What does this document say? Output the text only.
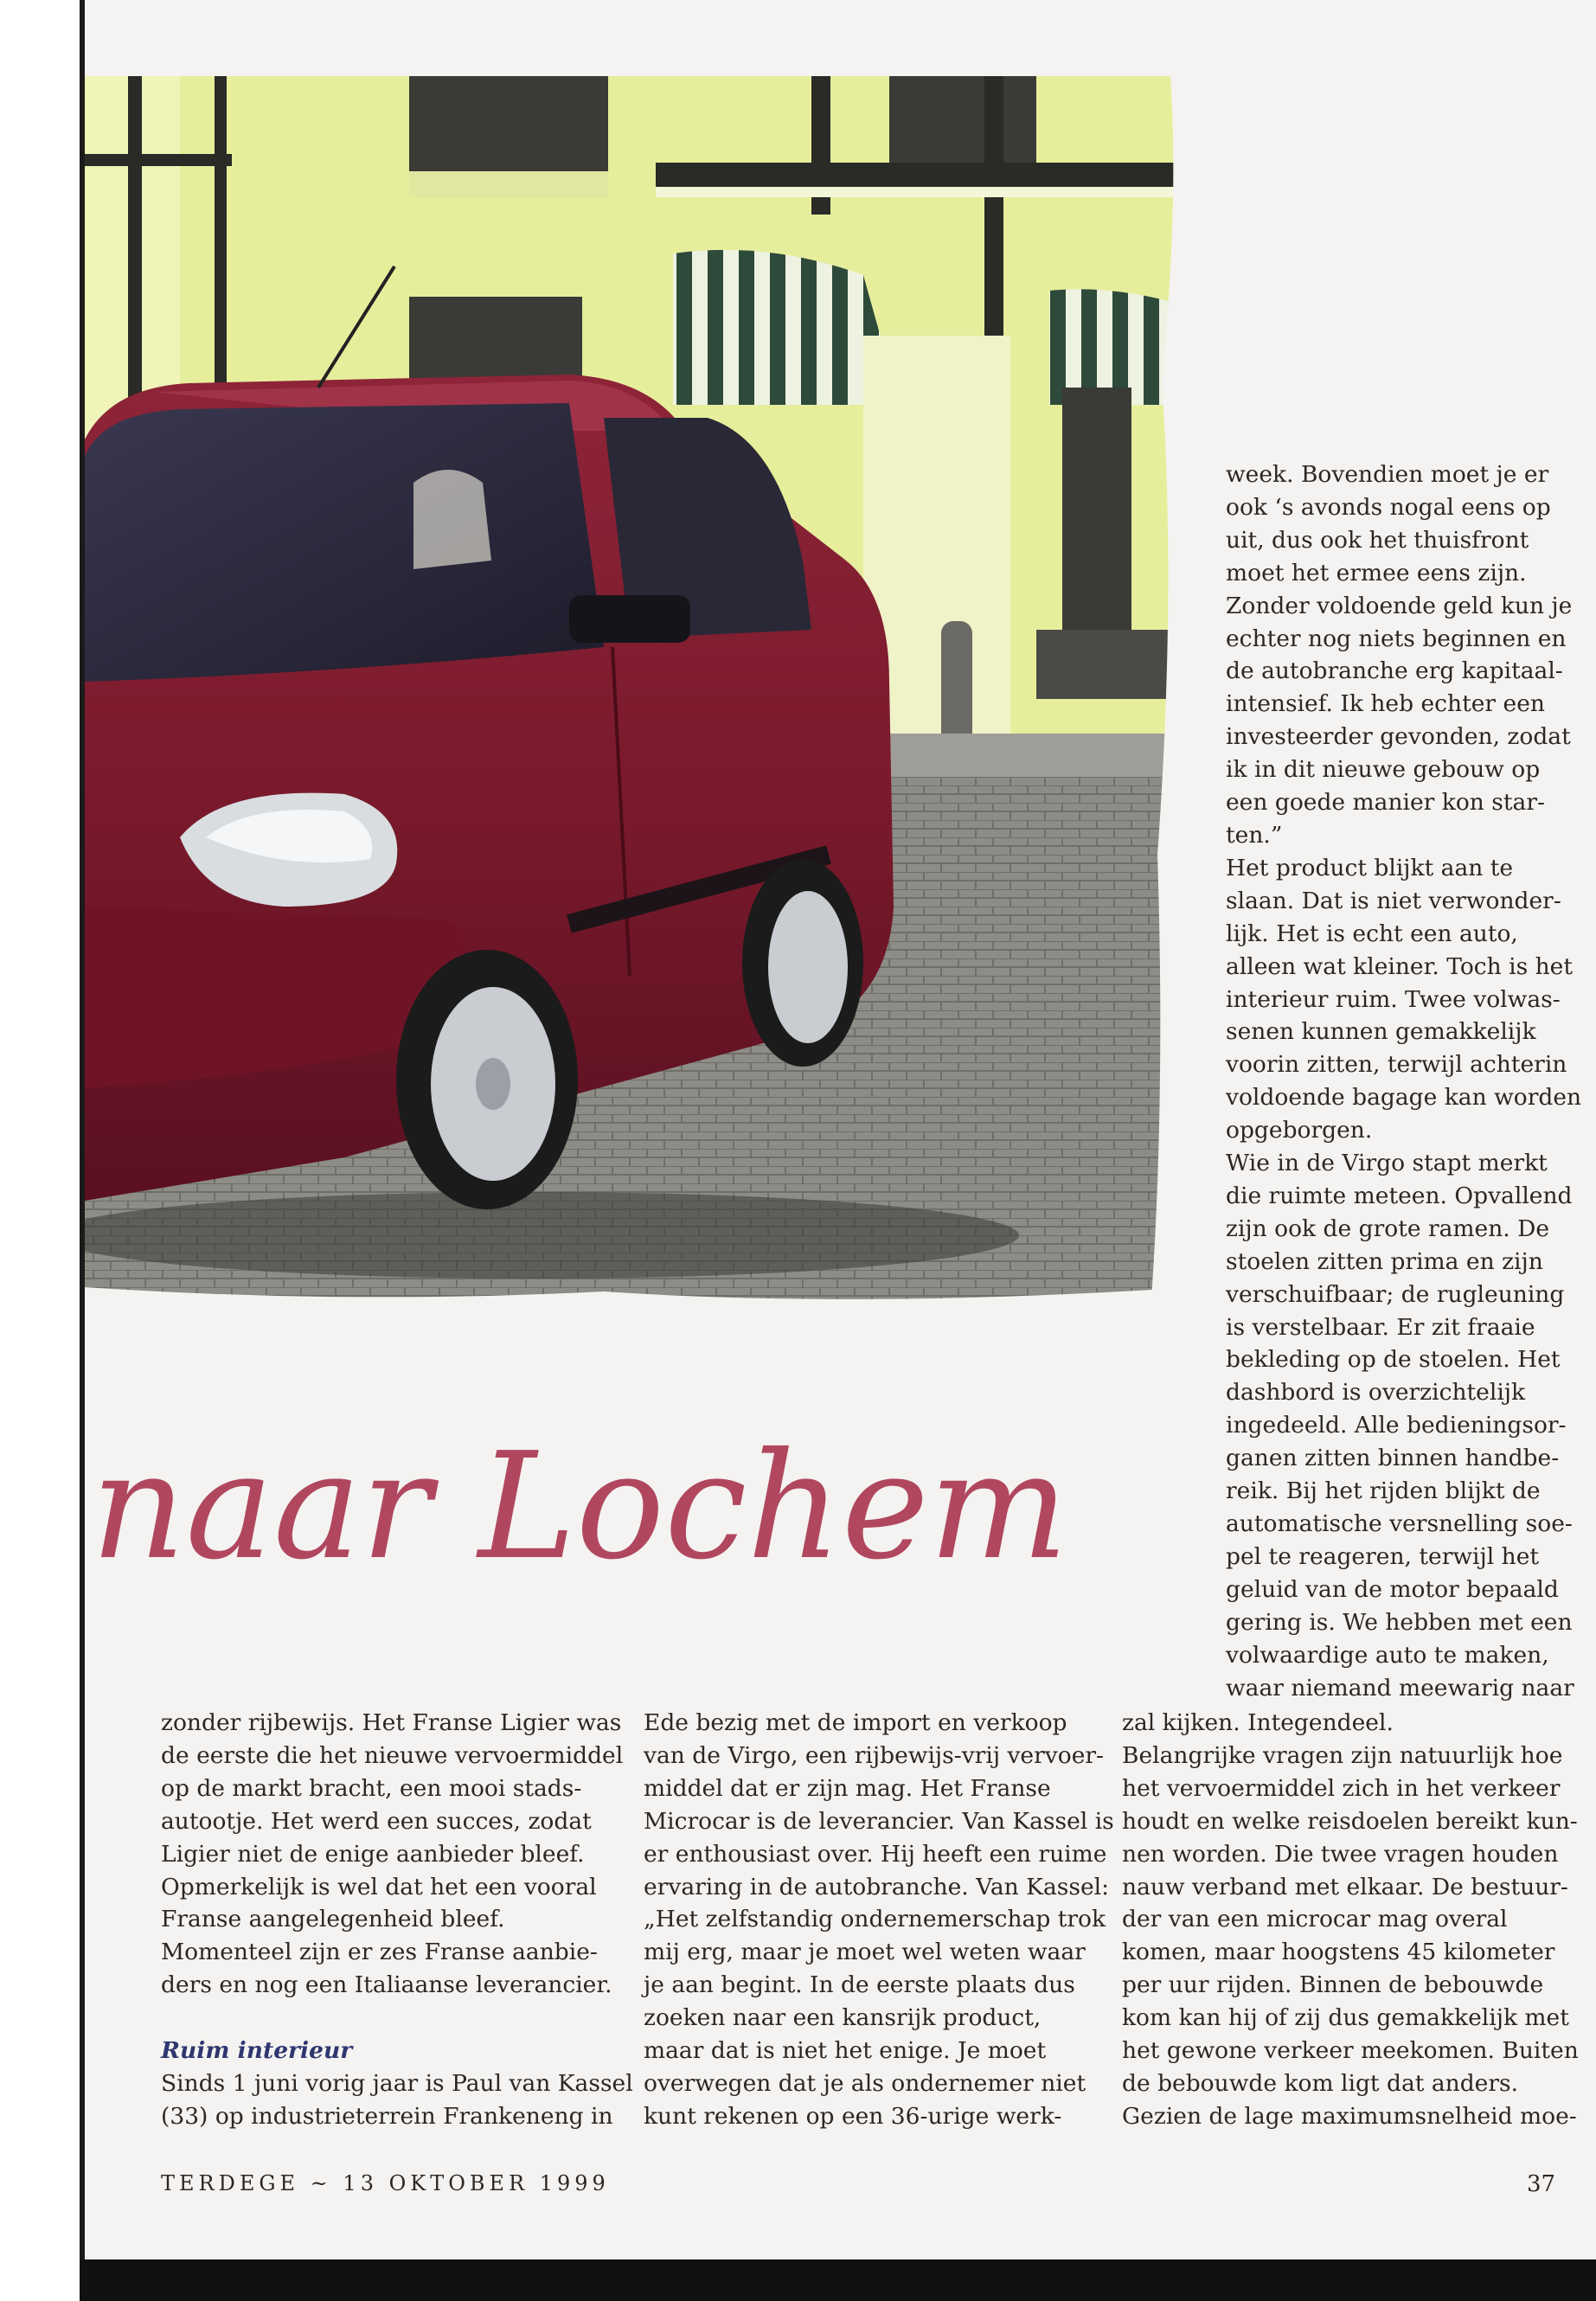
naar Lochem

week. Bovendien moet je er

ook ‘s avonds nogal eens op

uit, dus ook het thuisfront

moet het ermee eens zijn.

Zonder voldoende geld kun je

echter nog niets beginnen en

de autobranche erg kapitaal-

intensief. Ik heb echter een

investeerder gevonden, zodat

ik in dit nieuwe gebouw op

een goede manier kon star-

ten.”

Het product blijkt aan te

slaan. Dat is niet verwonder-

lijk. Het is echt een auto,

alleen wat kleiner. Toch is het

interieur ruim. Twee volwas-

senen kunnen gemakkelijk

voorin zitten, terwijl achterin

voldoende bagage kan worden

opgeborgen.

Wie in de Virgo stapt merkt

die ruimte meteen. Opvallend

zijn ook de grote ramen. De

stoelen zitten prima en zijn

verschuifbaar; de rugleuning

is verstelbaar. Er zit fraaie

bekleding op de stoelen. Het

dashbord is overzichtelijk

ingedeeld. Alle bedieningsor-

ganen zitten binnen handbe-

reik. Bij het rijden blijkt de

automatische versnelling soe-

pel te reageren, terwijl het

geluid van de motor bepaald

gering is. We hebben met een

volwaardige auto te maken,

waar niemand meewarig naar

zonder rijbewijs. Het Franse Ligier was

de eerste die het nieuwe vervoermiddel

op de markt bracht, een mooi stads-

autootje. Het werd een succes, zodat

Ligier niet de enige aanbieder bleef.

Opmerkelijk is wel dat het een vooral

Franse aangelegenheid bleef.

Momenteel zijn er zes Franse aanbie-

ders en nog een Italiaanse leverancier.

Ruim interieur

Sinds 1 juni vorig jaar is Paul van Kassel

(33) op industrieterrein Frankeneng in

Ede bezig met de import en verkoop

van de Virgo, een rijbewijs-vrij vervoer-

middel dat er zijn mag. Het Franse

Microcar is de leverancier. Van Kassel is

er enthousiast over. Hij heeft een ruime

ervaring in de autobranche. Van Kassel:

„Het zelfstandig ondernemerschap trok

mij erg, maar je moet wel weten waar

je aan begint. In de eerste plaats dus

zoeken naar een kansrijk product,

maar dat is niet het enige. Je moet

overwegen dat je als ondernemer niet

kunt rekenen op een 36-urige werk-

zal kijken. Integendeel.

Belangrijke vragen zijn natuurlijk hoe

het vervoermiddel zich in het verkeer

houdt en welke reisdoelen bereikt kun-

nen worden. Die twee vragen houden

nauw verband met elkaar. De bestuur-

der van een microcar mag overal

komen, maar hoogstens 45 kilometer

per uur rijden. Binnen de bebouwde

kom kan hij of zij dus gemakkelijk met

het gewone verkeer meekomen. Buiten

de bebouwde kom ligt dat anders.

Gezien de lage maximumsnelheid moe-

TERDEGE ~ 13 OKTOBER 1999	37
